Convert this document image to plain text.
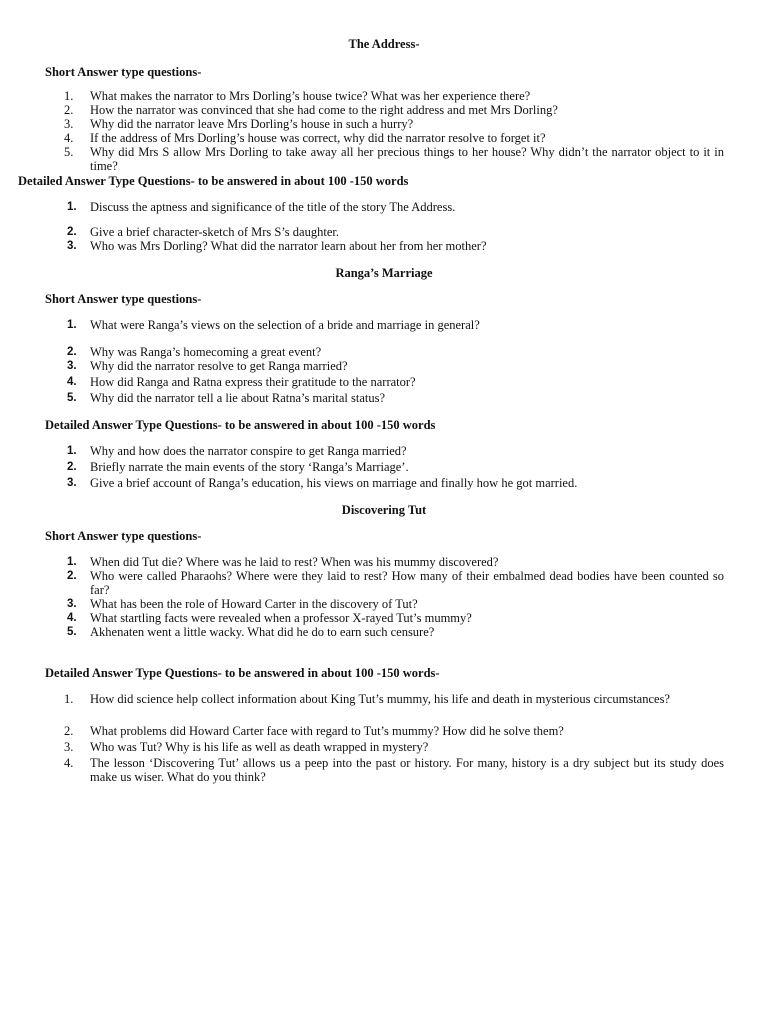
The Address-
Short Answer type questions-
1.	What makes the narrator to Mrs Dorling’s house twice? What was her experience there?
2.	How the narrator was convinced that she had come to the right address and met Mrs Dorling?
3.	Why did the narrator leave Mrs Dorling’s house in such a hurry?
4.	If the address of Mrs Dorling’s house was correct, why did the narrator resolve to forget it?
5.	Why did Mrs S allow Mrs Dorling to take away all her precious things to her house? Why didn’t the narrator object to it in time?
Detailed Answer Type Questions- to be answered in about 100 -150 words
1.	Discuss the aptness and significance of the title of the story The Address.
2.	Give a brief character-sketch of Mrs S’s daughter.
3.	Who was Mrs Dorling? What did the narrator learn about her from her mother?
Ranga’s Marriage
Short Answer type questions-
1.	What were Ranga’s views on the selection of a bride and marriage in general?
2.	Why was Ranga’s homecoming a great event?
3.	Why did the narrator resolve to get Ranga married?
4.	How did Ranga and Ratna express their gratitude to the narrator?
5.	Why did the narrator tell a lie about Ratna’s marital status?
Detailed Answer Type Questions- to be answered in about 100 -150 words
1.	Why and how does the narrator conspire to get Ranga married?
2.	Briefly narrate the main events of the story ‘Ranga’s Marriage’.
3.	Give a brief account of Ranga’s education, his views on marriage and finally how he got married.
Discovering Tut
Short Answer type questions-
1.	When did Tut die? Where was he laid to rest? When was his mummy discovered?
2.	Who were called Pharaohs? Where were they laid to rest? How many of their embalmed dead bodies have been counted so far?
3.	What has been the role of Howard Carter in the discovery of Tut?
4.	What startling facts were revealed when a professor X-rayed Tut’s mummy?
5.	Akhenaten went a little wacky. What did he do to earn such censure?
Detailed Answer Type Questions- to be answered in about 100 -150 words-
1.	How did science help collect information about King Tut’s mummy, his life and death in mysterious circumstances?
2.	What problems did Howard Carter face with regard to Tut’s mummy? How did he solve them?
3.	Who was Tut? Why is his life as well as death wrapped in mystery?
4.	The lesson ‘Discovering Tut’ allows us a peep into the past or history. For many, history is a dry subject but its study does make us wiser. What do you think?
